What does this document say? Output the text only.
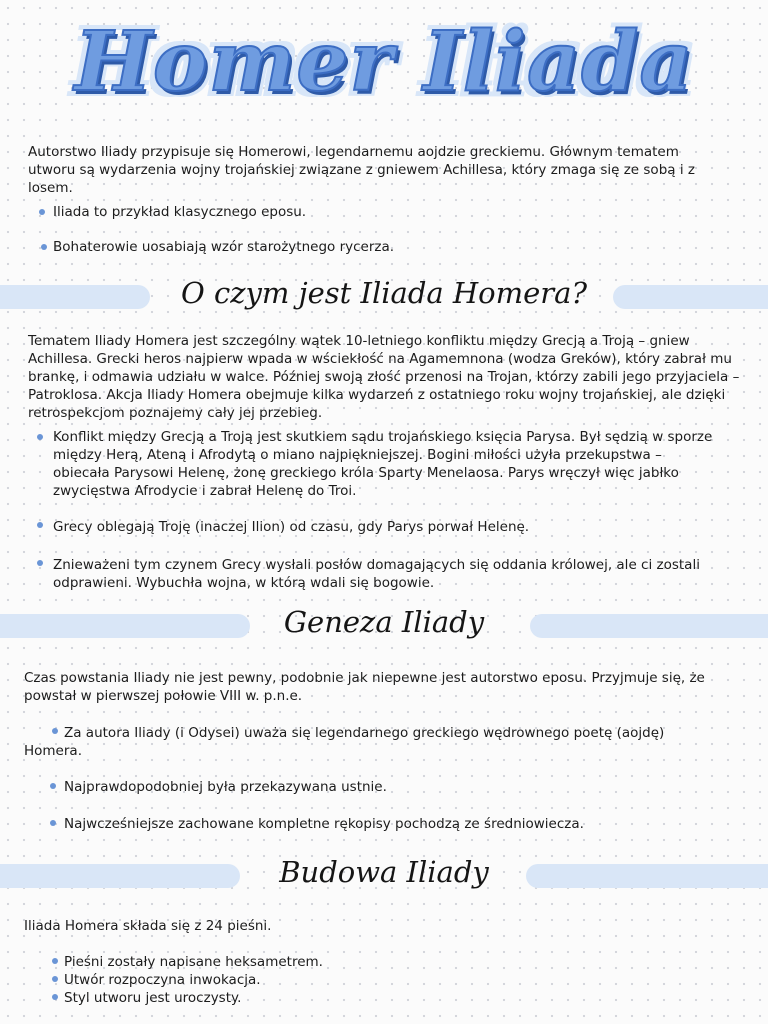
Homer Iliada

Autorstwo Iliady przypisuje się Homerowi, legendarnemu aojdzie greckiemu. Głównym tematem utworu są wydarzenia wojny trojańskiej związane z gniewem Achillesa, który zmaga się ze sobą i z losem.

Iliada to przykład klasycznego eposu.

Bohaterowie uosabiają wzór starożytnego rycerza.

O czym jest Iliada Homera?

Tematem Iliady Homera jest szczególny wątek 10-letniego konfliktu między Grecją a Troją – gniew Achillesa. Grecki heros najpierw wpada w wściekłość na Agamemnona (wodza Greków), który zabrał mu brankę, i odmawia udziału w walce. Później swoją złość przenosi na Trojan, którzy zabili jego przyjaciela – Patroklosa. Akcja Iliady Homera obejmuje kilka wydarzeń z ostatniego roku wojny trojańskiej, ale dzięki retrospekcjom poznajemy cały jej przebieg.

Konflikt między Grecją a Troją jest skutkiem sądu trojańskiego księcia Parysa. Był sędzią w sporze między Herą, Ateną i Afrodytą o miano najpiękniejszej. Bogini miłości użyła przekupstwa – obiecała Parysowi Helenę, żonę greckiego króla Sparty Menelaosa. Parys wręczył więc jabłko zwycięstwa Afrodycie i zabrał Helenę do Troi.

Grecy oblegają Troję (inaczej Ilion) od czasu, gdy Parys porwał Helenę.

Znieważeni tym czynem Grecy wysłali posłów domagających się oddania królowej, ale ci zostali odprawieni. Wybuchła wojna, w którą wdali się bogowie.

Geneza Iliady

Czas powstania Iliady nie jest pewny, podobnie jak niepewne jest autorstwo eposu. Przyjmuje się, że powstał w pierwszej połowie VIII w. p.n.e.

Za autora Iliady (i Odysei) uważa się legendarnego greckiego wędrownego poetę (aojdę) Homera.

Najprawdopodobniej była przekazywana ustnie.

Najwcześniejsze zachowane kompletne rękopisy pochodzą ze średniowiecza.

Budowa Iliady

Iliada Homera składa się z 24 pieśni.

Pieśni zostały napisane heksametrem.

Utwór rozpoczyna inwokacja.

Styl utworu jest uroczysty.
